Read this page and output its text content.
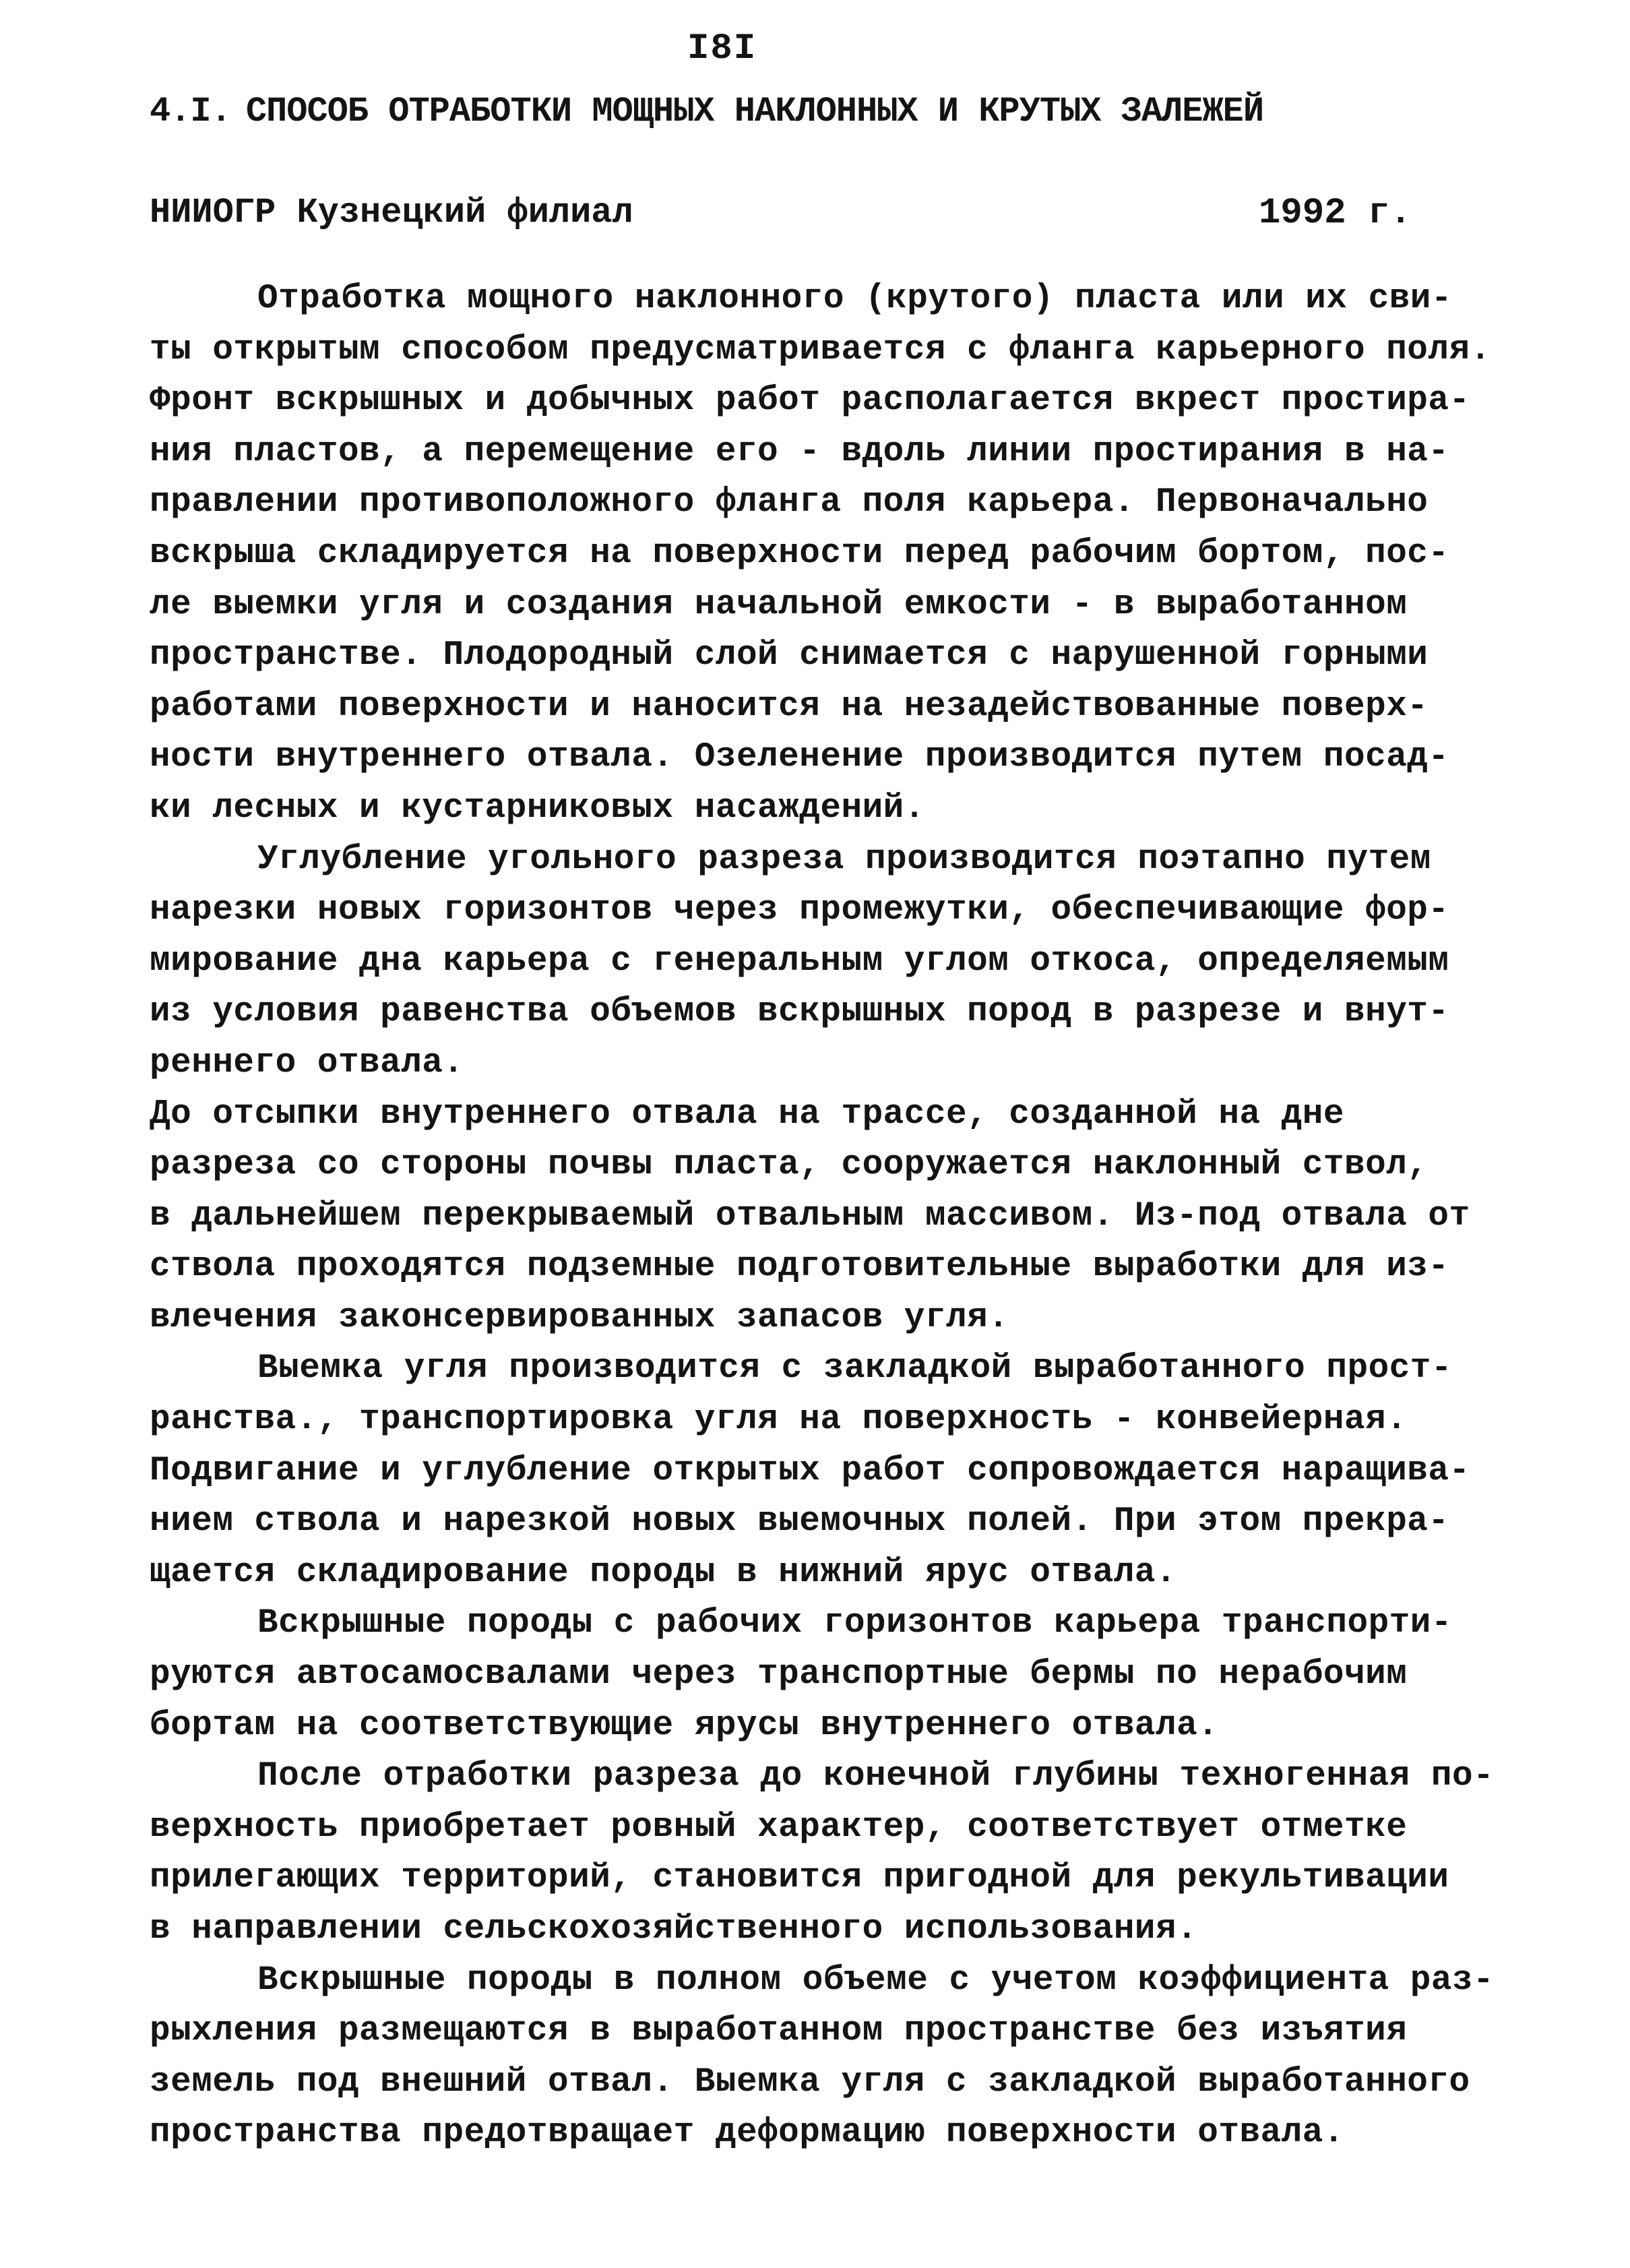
I8I
4.I. СПОСОБ ОТРАБОТКИ МОЩНЫХ НАКЛОННЫХ И КРУТЫХ ЗАЛЕЖЕЙ
НИИОГР Кузнецкий филиал	1992 г.
Отработка мощного наклонного (крутого) пласта или их сви-
ты открытым способом предусматривается с фланга карьерного поля.
Фронт вскрышных и добычных работ располагается вкрест простира-
ния пластов, а перемещение его - вдоль линии простирания в на-
правлении противоположного фланга поля карьера. Первоначально
вскрыша складируется на поверхности перед рабочим бортом, пос-
ле выемки угля и создания начальной емкости - в выработанном
пространстве. Плодородный слой снимается с нарушенной горными
работами поверхности и наносится на незадействованные поверх-
ности внутреннего отвала. Озеленение производится путем посад-
ки лесных и кустарниковых насаждений.
Углубление угольного разреза производится поэтапно путем
нарезки новых горизонтов через промежутки, обеспечивающие фор-
мирование дна карьера с генеральным углом откоса, определяемым
из условия равенства объемов вскрышных пород в разрезе и внут-
реннего отвала.
До отсыпки внутреннего отвала на трассе, созданной на дне
разреза со стороны почвы пласта, сооружается наклонный ствол,
в дальнейшем перекрываемый отвальным массивом. Из-под отвала от
ствола проходятся подземные подготовительные выработки для из-
влечения законсервированных запасов угля.
Выемка угля производится с закладкой выработанного прост-
ранства., транспортировка угля на поверхность - конвейерная.
Подвигание и углубление открытых работ сопровождается наращива-
нием ствола и нарезкой новых выемочных полей. При этом прекра-
щается складирование породы в нижний ярус отвала.
Вскрышные породы с рабочих горизонтов карьера транспорти-
руются автосамосвалами через транспортные бермы по нерабочим
бортам на соответствующие ярусы внутреннего отвала.
После отработки разреза до конечной глубины техногенная по-
верхность приобретает ровный характер, соответствует отметке
прилегающих территорий, становится пригодной для рекультивации
в направлении сельскохозяйственного использования.
Вскрышные породы в полном объеме с учетом коэффициента раз-
рыхления размещаются в выработанном пространстве без изъятия
земель под внешний отвал. Выемка угля с закладкой выработанного
пространства предотвращает деформацию поверхности отвала.
